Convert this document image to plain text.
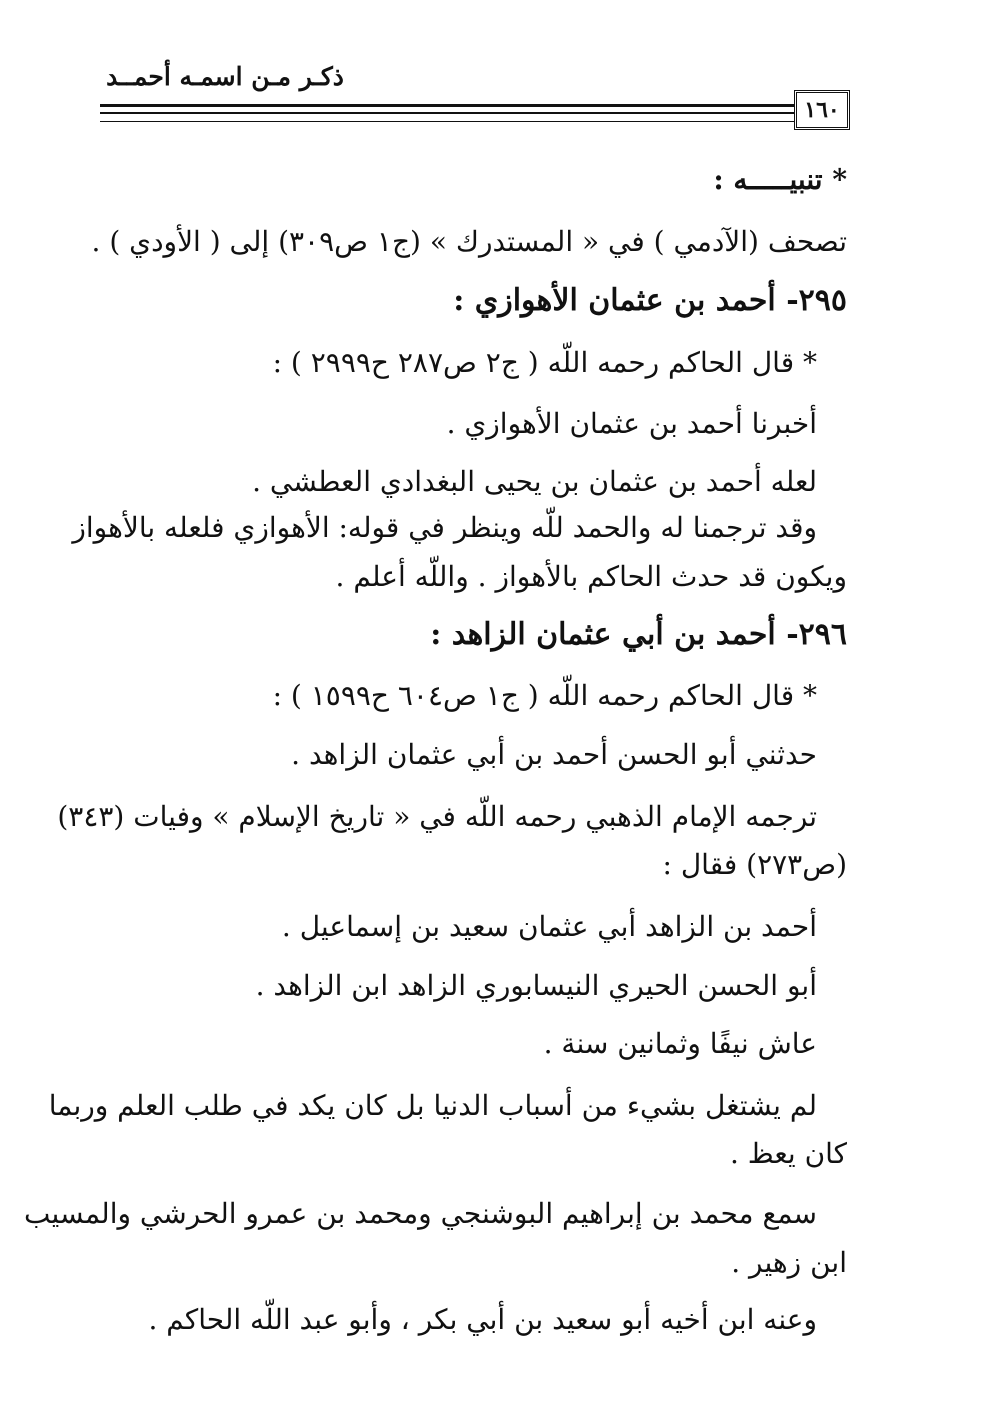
ذكـر مـن اسمـه أحمــد
١٦٠
* تنبيـــــه :
تصحف (الآدمي ) في « المستدرك » (ج١ ص٣٠٩) إلى ( الأودي ) .
٢٩٥- أحمد بن عثمان الأهوازي :
* قال الحاكم رحمه اللّه ( ج٢ ص٢٨٧ ح٢٩٩٩ ) :
أخبرنا أحمد بن عثمان الأهوازي .
لعله أحمد بن عثمان بن يحيى البغدادي العطشي .
وقد ترجمنا له والحمد للّه وينظر في قوله: الأهوازي فلعله بالأهواز
ويكون قد حدث الحاكم بالأهواز . واللّه أعلم .
٢٩٦- أحمد بن أبي عثمان الزاهد :
* قال الحاكم رحمه اللّه ( ج١ ص٦٠٤ ح١٥٩٩ ) :
حدثني أبو الحسن أحمد بن أبي عثمان الزاهد .
ترجمه الإمام الذهبي رحمه اللّه في « تاريخ الإسلام » وفيات (٣٤٣)
(ص٢٧٣) فقال :
أحمد بن الزاهد أبي عثمان سعيد بن إسماعيل .
أبو الحسن الحيري النيسابوري الزاهد ابن الزاهد .
عاش نيفًا وثمانين سنة .
لم يشتغل بشيء من أسباب الدنيا بل كان يكد في طلب العلم وربما
كان يعظ .
سمع محمد بن إبراهيم البوشنجي ومحمد بن عمرو الحرشي والمسيب
ابن زهير .
وعنه ابن أخيه أبو سعيد بن أبي بكر ، وأبو عبد اللّه الحاكم .
